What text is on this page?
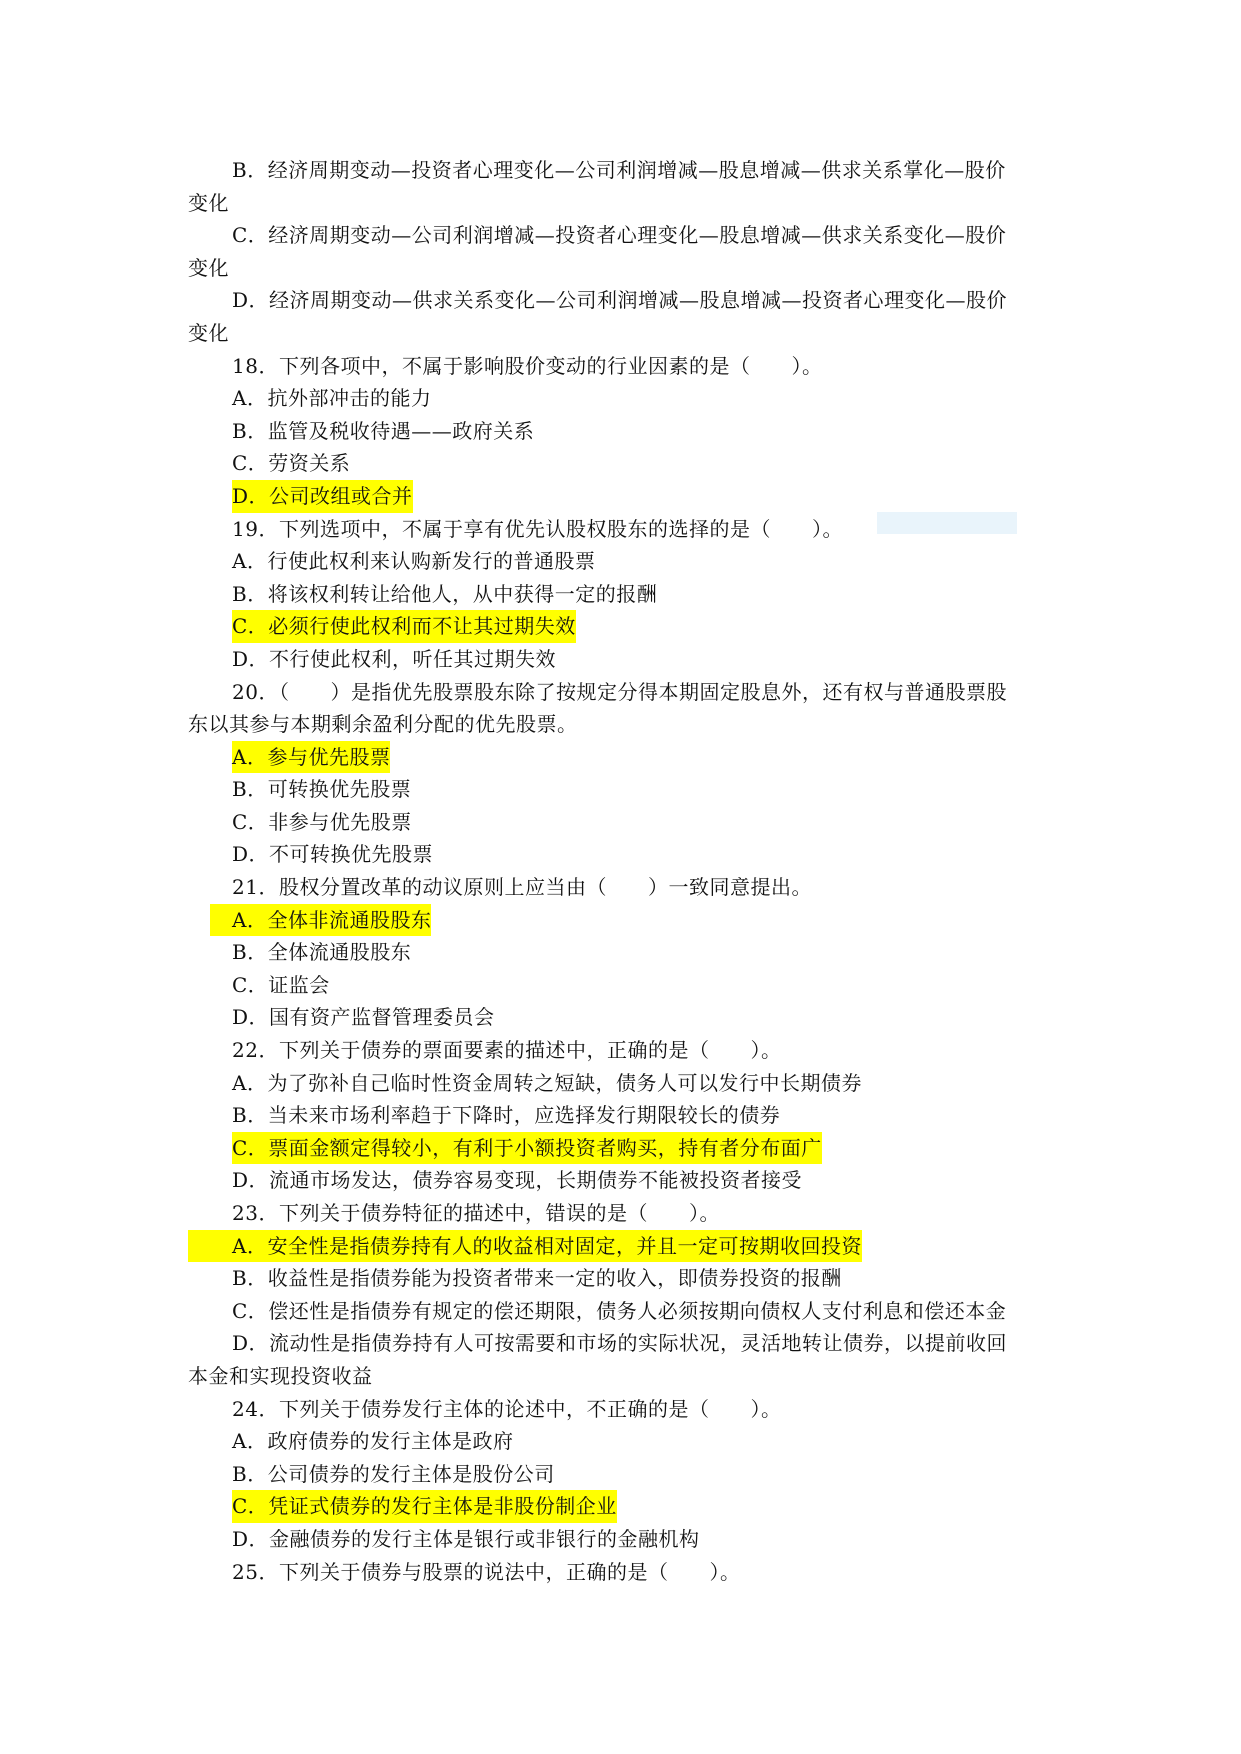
B．经济周期变动—投资者心理变化—公司利润增减—股息增减—供求关系掌化—股价
变化
C．经济周期变动—公司利润增减—投资者心理变化—股息增减—供求关系变化—股价
变化
D．经济周期变动—供求关系变化—公司利润增减—股息增减—投资者心理变化—股价
变化
18．下列各项中，不属于影响股价变动的行业因素的是（　　）。
A．抗外部冲击的能力
B．监管及税收待遇——政府关系
C．劳资关系
D．公司改组或合并
19．下列选项中，不属于享有优先认股权股东的选择的是（　　）。
A．行使此权利来认购新发行的普通股票
B．将该权利转让给他人，从中获得一定的报酬
C．必须行使此权利而不让其过期失效
D．不行使此权利，听任其过期失效
20．（　　）是指优先股票股东除了按规定分得本期固定股息外，还有权与普通股票股
东以其参与本期剩余盈利分配的优先股票。
A．参与优先股票
B．可转换优先股票
C．非参与优先股票
D．不可转换优先股票
21．股权分置改革的动议原则上应当由（　　）一致同意提出。
A．全体非流通股股东
B．全体流通股股东
C．证监会
D．国有资产监督管理委员会
22．下列关于债券的票面要素的描述中，正确的是（　　）。
A．为了弥补自己临时性资金周转之短缺，债务人可以发行中长期债券
B．当未来市场利率趋于下降时，应选择发行期限较长的债券
C．票面金额定得较小，有利于小额投资者购买，持有者分布面广
D．流通市场发达，债券容易变现，长期债券不能被投资者接受
23．下列关于债券特征的描述中，错误的是（　　）。
A．安全性是指债券持有人的收益相对固定，并且一定可按期收回投资
B．收益性是指债券能为投资者带来一定的收入，即债券投资的报酬
C．偿还性是指债券有规定的偿还期限，债务人必须按期向债权人支付利息和偿还本金
D．流动性是指债券持有人可按需要和市场的实际状况，灵活地转让债券，以提前收回
本金和实现投资收益
24．下列关于债券发行主体的论述中，不正确的是（　　）。
A．政府债券的发行主体是政府
B．公司债券的发行主体是股份公司
C．凭证式债券的发行主体是非股份制企业
D．金融债券的发行主体是银行或非银行的金融机构
25．下列关于债券与股票的说法中，正确的是（　　）。
